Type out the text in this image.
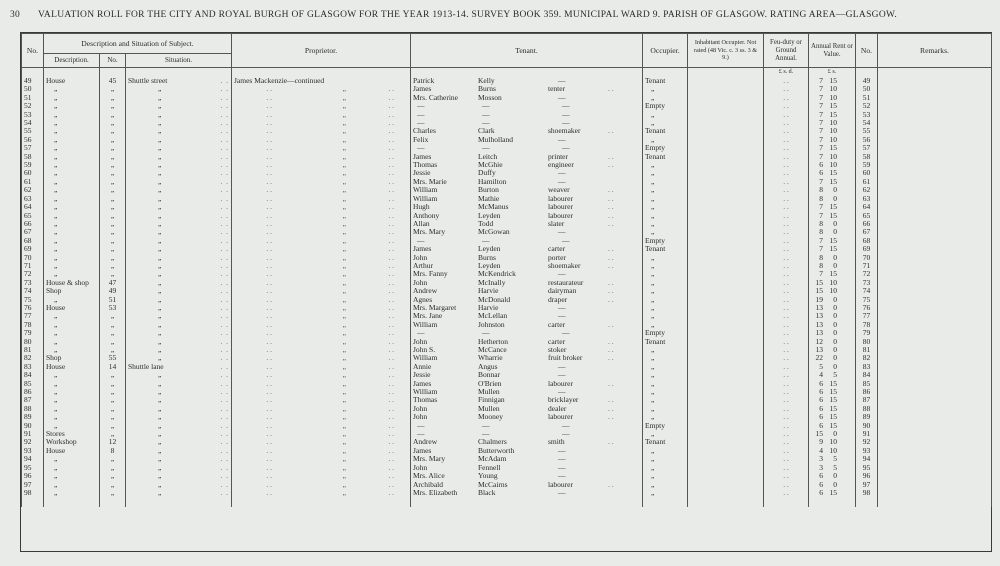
30 VALUATION ROLL FOR THE CITY AND ROYAL BURGH OF GLASGOW FOR THE YEAR 1913-14. SURVEY BOOK 359. MUNICIPAL WARD 9. PARISH OF GLASGOW. RATING AREA—GLASGOW.
No.	Description and Situation of Subject.			Proprietor.	Tenant.	Occupier.	Inhabitant Occupier. Not rated (48 Vic. c. 3 ss. 3 & 9.)	Feu-duty or Ground Annual.	Annual Rent or Value.	No.	Remarks.
	Description.	No.	Situation.								
								£ s. d.	£ s.		
49	House	45	Shuttle street . .	James Mackenzie—continued	Patrick Kelly —	Tenant		. .	7 15	49	
50	„	„	„ . .	. . „ . .	James Burns tenter . .	„		. .	7 10	50	
51	„	„	„ . .	. . „ . .	Mrs. Catherine Mosson —	„		. .	7 10	51	
52	„	„	„ . .	. . „ . .	— — —	Empty		. .	7 15	52	
53	„	„	„ . .	. . „ . .	— — —	„		. .	7 15	53	
54	„	„	„ . .	. . „ . .	— — —	„		. .	7 10	54	
55	„	„	„ . .	. . „ . .	Charles Clark shoemaker . .	Tenant		. .	7 10	55	
56	„	„	„ . .	. . „ . .	Felix Mulholland —	„		. .	7 10	56	
57	„	„	„ . .	. . „ . .	— — —	Empty		. .	7 15	57	
58	„	„	„ . .	. . „ . .	James Leitch printer . .	Tenant		. .	7 10	58	
59	„	„	„ . .	. . „ . .	Thomas McGhie engineer . .	„		. .	6 10	59	
60	„	„	„ . .	. . „ . .	Jessie Duffy —	„		. .	6 15	60	
61	„	„	„ . .	. . „ . .	Mrs. Marie Hamilton —	„		. .	7 15	61	
62	„	„	„ . .	. . „ . .	William Burton weaver . .	„		. .	8 0	62	
63	„	„	„ . .	. . „ . .	William Mathie labourer . .	„		. .	8 0	63	
64	„	„	„ . .	. . „ . .	Hugh McManus labourer . .	„		. .	7 15	64	
65	„	„	„ . .	. . „ . .	Anthony Leyden labourer . .	„		. .	7 15	65	
66	„	„	„ . .	. . „ . .	Allan Todd slater . .	„		. .	8 0	66	
67	„	„	„ . .	. . „ . .	Mrs. Mary McGowan —	„		. .	8 0	67	
68	„	„	„ . .	. . „ . .	— — —	Empty		. .	7 15	68	
69	„	„	„ . .	. . „ . .	James Leyden carter . .	Tenant		. .	7 15	69	
70	„	„	„ . .	. . „ . .	John Burns porter . .	„		. .	8 0	70	
71	„	„	„ . .	. . „ . .	Arthur Leyden shoemaker . .	„		. .	8 0	71	
72	„	„	„ . .	. . „ . .	Mrs. Fanny McKendrick —	„		. .	7 15	72	
73	House & shop	47	„ . .	. . „ . .	John McInally restaurateur . .	„		. .	15 10	73	
74	Shop	49	„ . .	. . „ . .	Andrew Harvie dairyman . .	„		. .	15 10	74	
75	„	51	„ . .	. . „ . .	Agnes McDonald draper . .	„		. .	19 0	75	
76	House	53	„ . .	. . „ . .	Mrs. Margaret Harvie —	„		. .	13 0	76	
77	„	„	„ . .	. . „ . .	Mrs. Jane McLellan —	„		. .	13 0	77	
78	„	„	„ . .	. . „ . .	William Johnston carter . .	„		. .	13 0	78	
79	„	„	„ . .	. . „ . .	— — —	Empty		. .	13 0	79	
80	„	„	„ . .	. . „ . .	John Hetherton carter . .	Tenant		. .	12 0	80	
81	„	„	„ . .	. . „ . .	John S. McCance stoker . .	„		. .	13 0	81	
82	Shop	55	„ . .	. . „ . .	William Wharrie fruit broker . .	„		. .	22 0	82	
83	House	14	Shuttle lane . .	. . „ . .	Annie Angus —	„		. .	5 0	83	
84	„	„	„ . .	. . „ . .	Jessie Bonnar —	„		. .	4 5	84	
85	„	„	„ . .	. . „ . .	James O'Brien labourer . .	„		. .	6 15	85	
86	„	„	„ . .	. . „ . .	William Mullen —	„		. .	6 15	86	
87	„	„	„ . .	. . „ . .	Thomas Finnigan bricklayer . .	„		. .	6 15	87	
88	„	„	„ . .	. . „ . .	John Mullen dealer . .	„		. .	6 15	88	
89	„	„	„ . .	. . „ . .	John Mooney labourer . .	„		. .	6 15	89	
90	„	„	„ . .	. . „ . .	— — —	Empty		. .	6 15	90	
91	Stores	„	„ . .	. . „ . .	— — —	„		. .	15 0	91	
92	Workshop	12	„ . .	. . „ . .	Andrew Chalmers smith . .	Tenant		. .	9 10	92	
93	House	8	„ . .	. . „ . .	James Butterworth —	„		. .	4 10	93	
94	„	„	„ . .	. . „ . .	Mrs. Mary McAdam —	„		. .	3 5	94	
95	„	„	„ . .	. . „ . .	John Fennell —	„		. .	3 5	95	
96	„	„	„ . .	. . „ . .	Mrs. Alice Young —	„		. .	6 0	96	
97	„	„	„ . .	. . „ . .	Archibald McCairns labourer . .	„		. .	6 0	97	
98	„	„	„ . .	. . „ . .	Mrs. Elizabeth Black —	„		. .	6 15	98	
